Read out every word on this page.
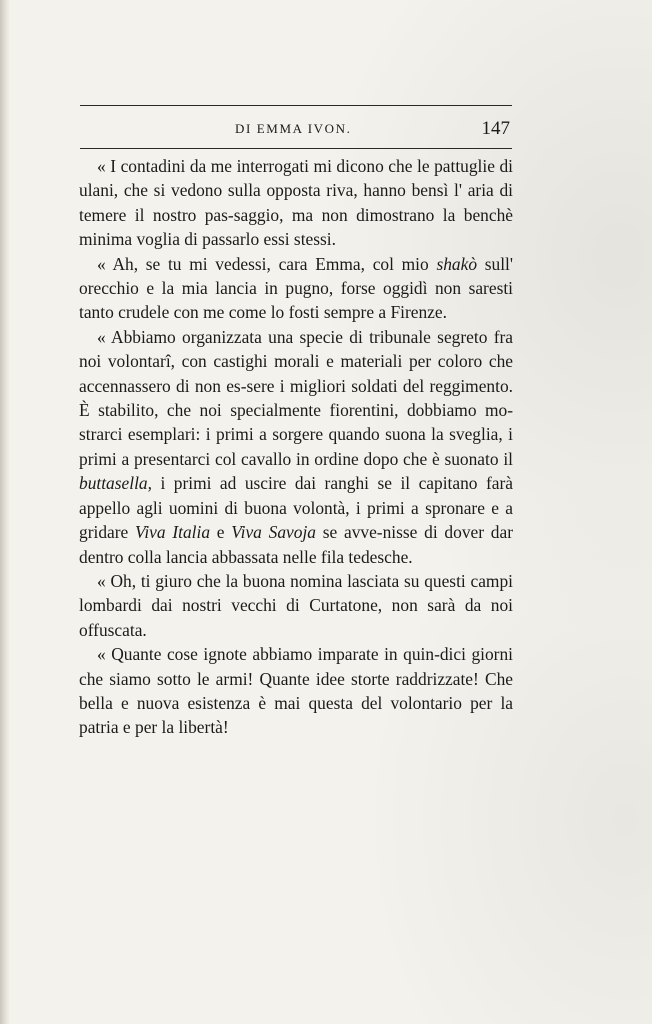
DI EMMA IVON.	147

« I contadini da me interrogati mi dicono che le pattuglie di ulani, che si vedono sulla opposta riva, hanno bensì l' aria di temere il nostro pas-saggio, ma non dimostrano la benchè minima voglia di passarlo essi stessi.

« Ah, se tu mi vedessi, cara Emma, col mio shakò sull' orecchio e la mia lancia in pugno, forse oggidì non saresti tanto crudele con me come lo fosti sempre a Firenze.

« Abbiamo organizzata una specie di tribunale segreto fra noi volontarî, con castighi morali e materiali per coloro che accennassero di non es-sere i migliori soldati del reggimento. È stabilito, che noi specialmente fiorentini, dobbiamo mo-strarci esemplari: i primi a sorgere quando suona la sveglia, i primi a presentarci col cavallo in ordine dopo che è suonato il buttasella, i primi ad uscire dai ranghi se il capitano farà appello agli uomini di buona volontà, i primi a spronare e a gridare Viva Italia e Viva Savoja se avve-nisse di dover dar dentro colla lancia abbassata nelle fila tedesche.

« Oh, ti giuro che la buona nomina lasciata su questi campi lombardi dai nostri vecchi di Curtatone, non sarà da noi offuscata.

« Quante cose ignote abbiamo imparate in quin-dici giorni che siamo sotto le armi! Quante idee storte raddrizzate! Che bella e nuova esistenza è mai questa del volontario per la patria e per la libertà!
